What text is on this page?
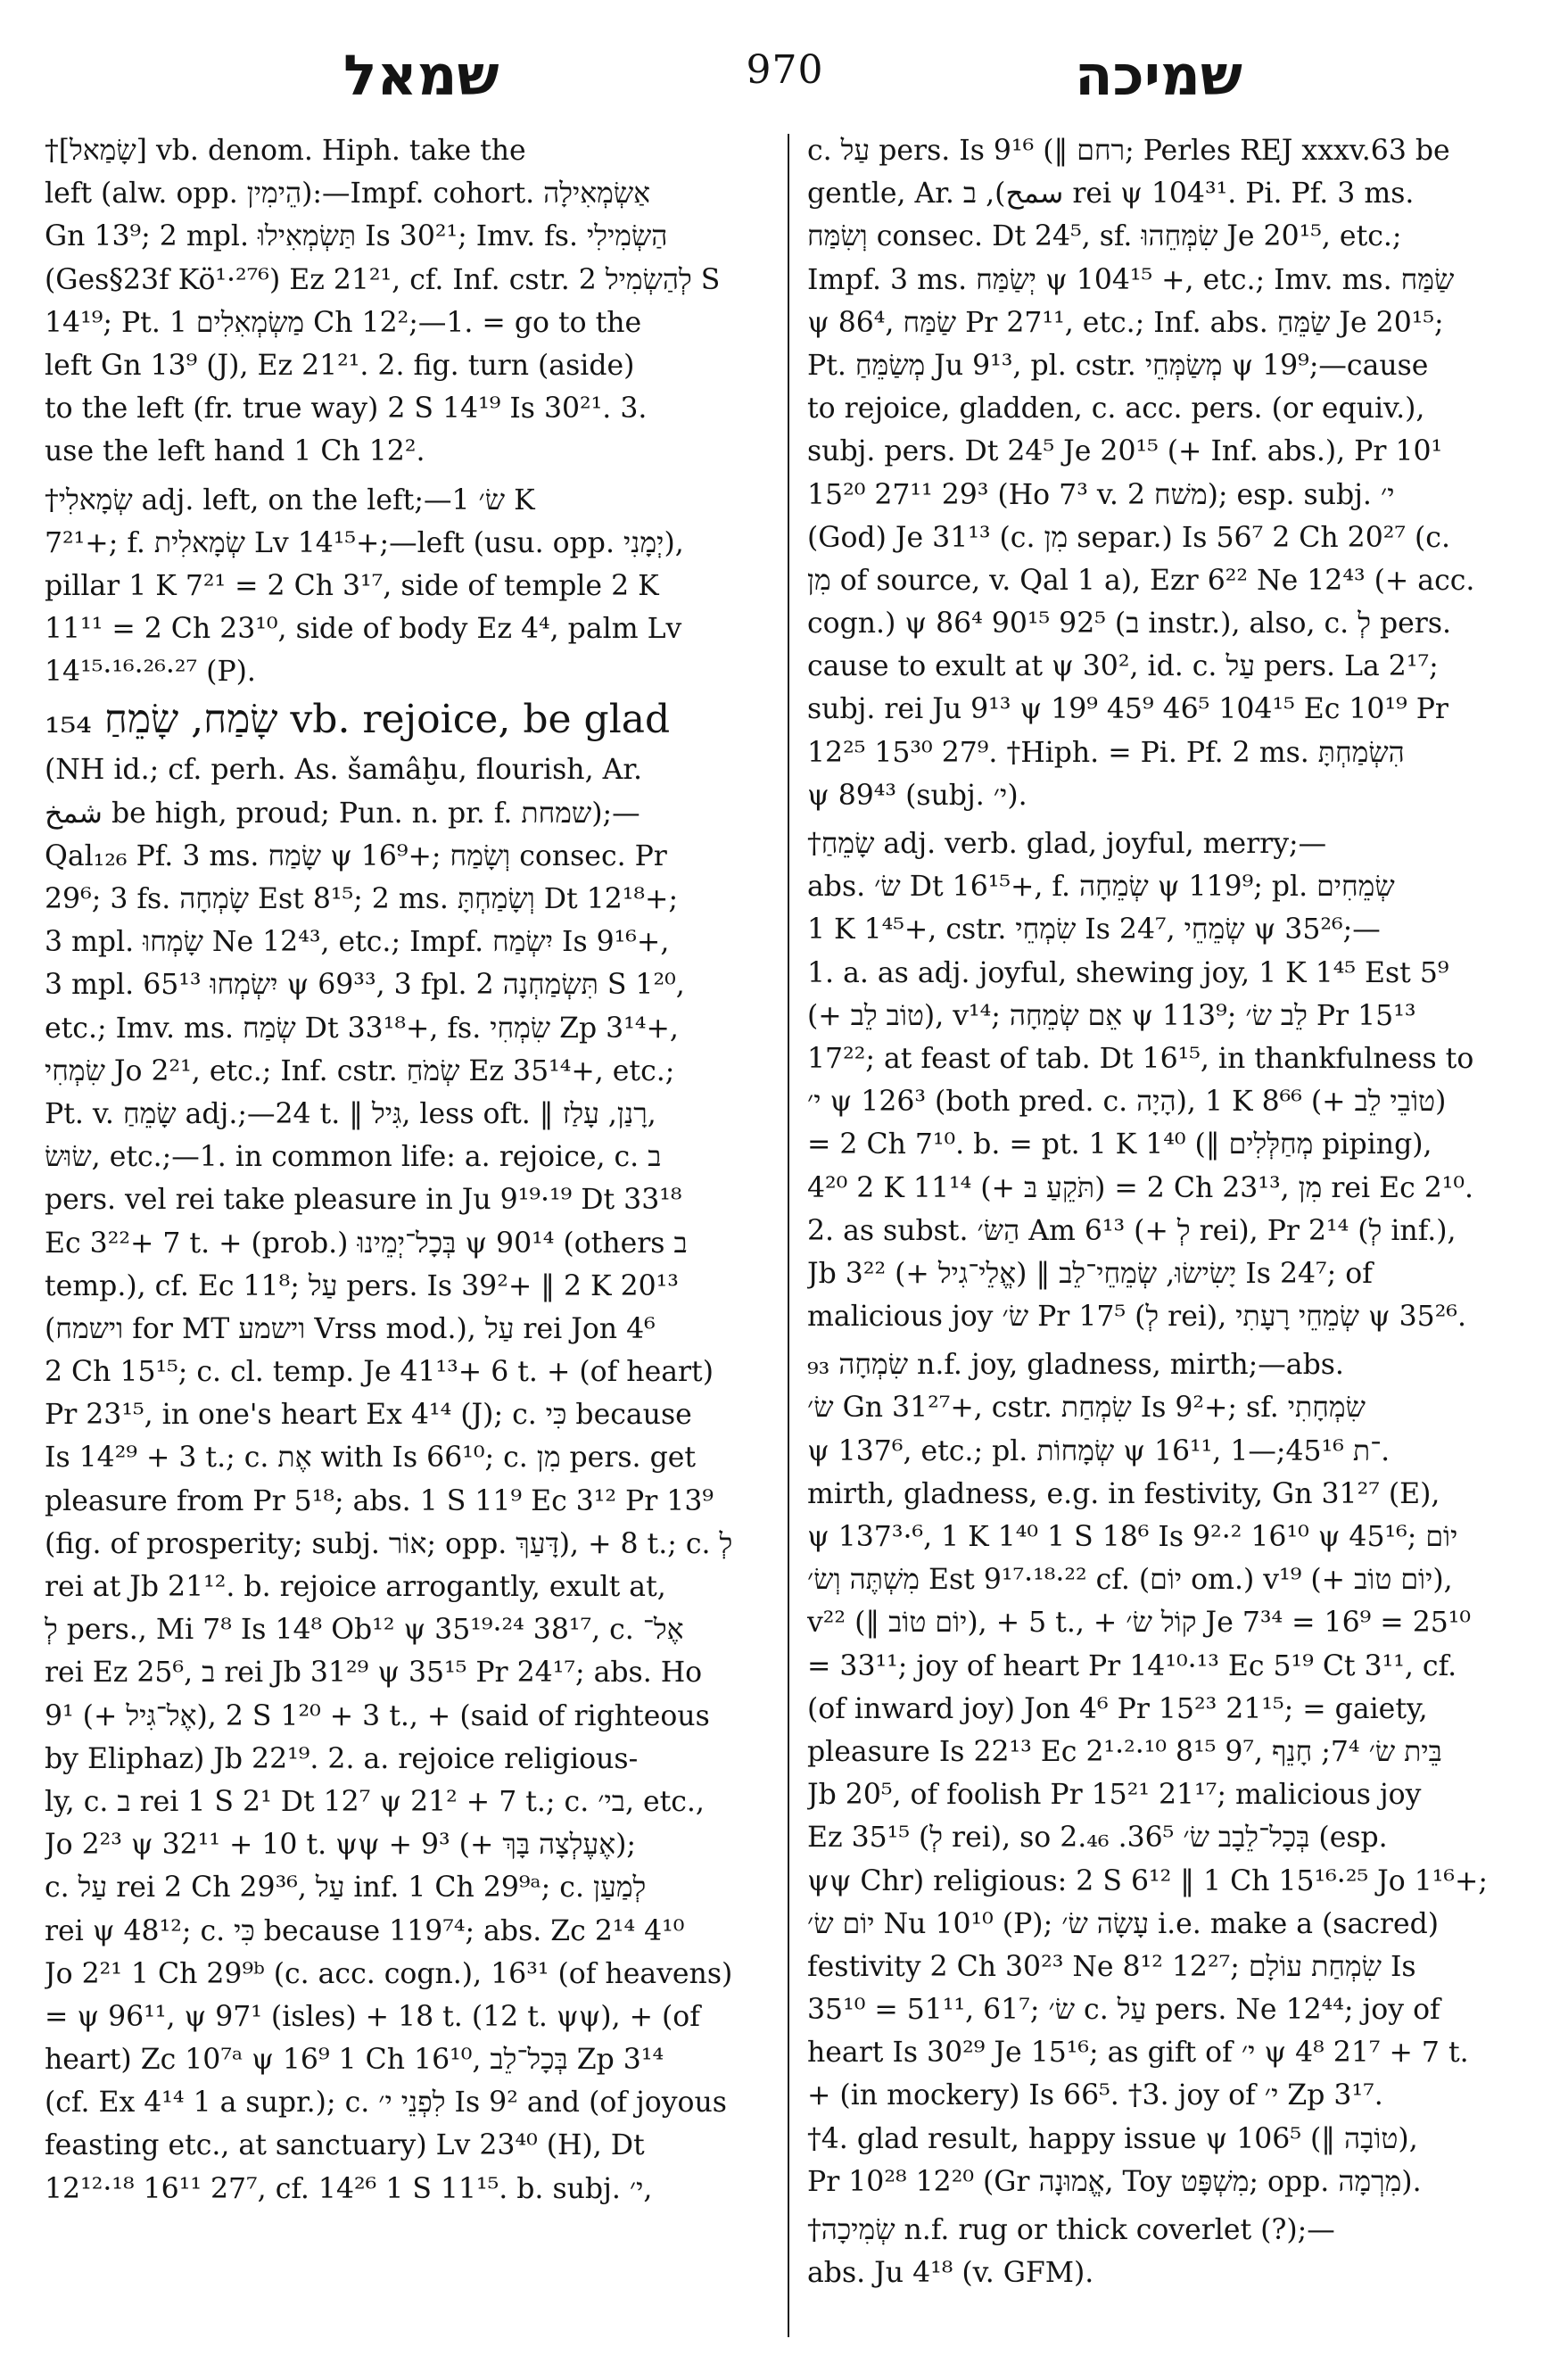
שמאל	970	שמיכה
†[שָׂמַאל] vb. denom. Hiph. take the
left (alw. opp. הֵימִין):—Impf. cohort. אַשְׂמְאִילָה
Gn 13⁹; 2 mpl. תַּשְׂמְאִילוּ Is 30²¹; Imv. fs. הַשְׂמִילִי
(Ges§23f Kö¹·²⁷⁶) Ez 21²¹, cf. Inf. cstr. לְהַשְׂמִיל 2 S
14¹⁹; Pt. מַשְׂמְאִלִים 1 Ch 12²;—1. = go to the
left Gn 13⁹ (J), Ez 21²¹. 2. fig. turn (aside)
to the left (fr. true way) 2 S 14¹⁹ Is 30²¹. 3.
use the left hand 1 Ch 12².
†שְׂמָאלִי adj. left, on the left;—שׂ׳ 1 K
7²¹+; f. שְׂמָאלִית Lv 14¹⁵+;—left (usu. opp. יְמָנִי),
pillar 1 K 7²¹ = 2 Ch 3¹⁷, side of temple 2 K
11¹¹ = 2 Ch 23¹⁰, side of body Ez 4⁴, palm Lv
14¹⁵·¹⁶·²⁶·²⁷ (P).
שָׂמַח, שָׂמֵחַ ₁₅₄ vb. rejoice, be glad
(NH id.; cf. perh. As. šamâḫu, flourish, Ar.
شمخ be high, proud; Pun. n. pr. f. שמחת);—
Qal₁₂₆ Pf. 3 ms. שָׂמַח ψ 16⁹+; וְשָׂמַח consec. Pr
29⁶; 3 fs. שָׂמְחָה Est 8¹⁵; 2 ms. וְשָׂמַחְתָּ Dt 12¹⁸+;
3 mpl. שָׂמְחוּ Ne 12⁴³, etc.; Impf. יִשְׂמַח Is 9¹⁶+,
3 mpl. יִשְׂמְחוּ 65¹³ ψ 69³³, 3 fpl. תִּשְׂמַחְנָה 2 S 1²⁰,
etc.; Imv. ms. שְׂמַח Dt 33¹⁸+, fs. שִׂמְחִי Zp 3¹⁴+,
שִׂמְחִי Jo 2²¹, etc.; Inf. cstr. שְׂמֹחַ Ez 35¹⁴+, etc.;
Pt. v. שָׂמֵחַ adj.;—24 t. ‖ גִּיל, less oft. ‖ רָנַן, עָלַז,
שׂוּשׂ, etc.;—1. in common life: a. rejoice, c. ב
pers. vel rei take pleasure in Ju 9¹⁹·¹⁹ Dt 33¹⁸
Ec 3²²+ 7 t. + (prob.) בְּכָל־יְמֵינוּ ψ 90¹⁴ (others ב
temp.), cf. Ec 11⁸; עַל pers. Is 39²+ ‖ 2 K 20¹³
(וישמח for MT וישמע Vrss mod.), עַל rei Jon 4⁶
2 Ch 15¹⁵; c. cl. temp. Je 41¹³+ 6 t. + (of heart)
Pr 23¹⁵, in one's heart Ex 4¹⁴ (J); c. כִּי because
Is 14²⁹ + 3 t.; c. אֶת with Is 66¹⁰; c. מִן pers. get
pleasure from Pr 5¹⁸; abs. 1 S 11⁹ Ec 3¹² Pr 13⁹
(fig. of prosperity; subj. אוֹר; opp. דָּעַךְ), + 8 t.; c. לְ
rei at Jb 21¹². b. rejoice arrogantly, exult at,
לְ pers., Mi 7⁸ Is 14⁸ Ob¹² ψ 35¹⁹·²⁴ 38¹⁷, c. אֶל־
rei Ez 25⁶, ב rei Jb 31²⁹ ψ 35¹⁵ Pr 24¹⁷; abs. Ho
9¹ (+ אֶל־גִּיל), 2 S 1²⁰ + 3 t., + (said of righteous
by Eliphaz) Jb 22¹⁹. 2. a. rejoice religious-
ly, c. ב rei 1 S 2¹ Dt 12⁷ ψ 21² + 7 t.; c. בי׳, etc.,
Jo 2²³ ψ 32¹¹ + 10 t. ψψ + 9³ (+ אֶעֶלְצָה בָּךְ);
c. עַל rei 2 Ch 29³⁶, עַל inf. 1 Ch 29⁹ᵃ; c. לְמַעַן
rei ψ 48¹²; c. כִּי because 119⁷⁴; abs. Zc 2¹⁴ 4¹⁰
Jo 2²¹ 1 Ch 29⁹ᵇ (c. acc. cogn.), 16³¹ (of heavens)
= ψ 96¹¹, ψ 97¹ (isles) + 18 t. (12 t. ψψ), + (of
heart) Zc 10⁷ᵃ ψ 16⁹ 1 Ch 16¹⁰, בְּכָל־לֵב Zp 3¹⁴
(cf. Ex 4¹⁴ 1 a supr.); c. לִפְנֵי י׳ Is 9² and (of joyous
feasting etc., at sanctuary) Lv 23⁴⁰ (H), Dt
12¹²·¹⁸ 16¹¹ 27⁷, cf. 14²⁶ 1 S 11¹⁵. b. subj. י׳,
c. עַל pers. Is 9¹⁶ (‖ רחם; Perles REJ xxxv.63 be
gentle, Ar. سمح), ב rei ψ 104³¹. Pi. Pf. 3 ms.
וְשִׂמַּח consec. Dt 24⁵, sf. שִׂמְּחֵהוּ Je 20¹⁵, etc.;
Impf. 3 ms. יְשַׂמַּח ψ 104¹⁵ +, etc.; Imv. ms. שַׂמַּח
ψ 86⁴, שַׂמַּח Pr 27¹¹, etc.; Inf. abs. שַׂמֵּחַ Je 20¹⁵;
Pt. מְשַׂמֵּחַ Ju 9¹³, pl. cstr. מְשַׂמְּחֵי ψ 19⁹;—cause
to rejoice, gladden, c. acc. pers. (or equiv.),
subj. pers. Dt 24⁵ Je 20¹⁵ (+ Inf. abs.), Pr 10¹
15²⁰ 27¹¹ 29³ (Ho 7³ v. משׁח 2); esp. subj. י׳
(God) Je 31¹³ (c. מִן separ.) Is 56⁷ 2 Ch 20²⁷ (c.
מִן of source, v. Qal 1 a), Ezr 6²² Ne 12⁴³ (+ acc.
cogn.) ψ 86⁴ 90¹⁵ 92⁵ (ב instr.), also, c. לְ pers.
cause to exult at ψ 30², id. c. עַל pers. La 2¹⁷;
subj. rei Ju 9¹³ ψ 19⁹ 45⁹ 46⁵ 104¹⁵ Ec 10¹⁹ Pr
12²⁵ 15³⁰ 27⁹. †Hiph. = Pi. Pf. 2 ms. הִשְׂמַחְתָּ
ψ 89⁴³ (subj. י׳).
†שָׂמֵחַ adj. verb. glad, joyful, merry;—
abs. שׂ׳ Dt 16¹⁵+, f. שְׂמֵחָה ψ 119⁹; pl. שְׂמֵחִים
1 K 1⁴⁵+, cstr. שִׂמְחֵי Is 24⁷, שְׂמֵחֵי ψ 35²⁶;—
1. a. as adj. joyful, shewing joy, 1 K 1⁴⁵ Est 5⁹
(+ טוֹב לֵב), v¹⁴; אֵם שְׂמֵחָה ψ 113⁹; לֵב שׂ׳ Pr 15¹³
17²²; at feast of tab. Dt 16¹⁵, in thankfulness to
י׳ ψ 126³ (both pred. c. הָיָה), 1 K 8⁶⁶ (+ טוֹבֵי לֵב)
= 2 Ch 7¹⁰. b. = pt. 1 K 1⁴⁰ (‖ מְחַלְּלִים piping),
4²⁰ 2 K 11¹⁴ (+ תֹּקֵעַ בּ) = 2 Ch 23¹³, מִן rei Ec 2¹⁰.
2. as subst. הַשּׂ׳ Am 6¹³ (+ לְ rei), Pr 2¹⁴ (לְ inf.),
Jb 3²² (+ אֱלֵי־גִיל) ‖ יָשִׂישׂוּ, שְׂמֵחֵי־לֵב Is 24⁷; of
malicious joy שׂ׳ Pr 17⁵ (לְ rei), שְׂמֵחֵי רָעָתִי ψ 35²⁶.
שִׂמְחָה ₉₃ n.f. joy, gladness, mirth;—abs.
שׂ׳ Gn 31²⁷+, cstr. שִׂמְחַת Is 9²+; sf. שִׂמְחָתִי
ψ 137⁶, etc.; pl. שְׂמָחוֹת ψ 16¹¹, ־ת 45¹⁶;—1.
mirth, gladness, e.g. in festivity, Gn 31²⁷ (E),
ψ 137³·⁶, 1 K 1⁴⁰ 1 S 18⁶ Is 9²·² 16¹⁰ ψ 45¹⁶; יוֹם
מִשְׁתֶּה וְשׂ׳ Est 9¹⁷·¹⁸·²² cf. (יוֹם om.) v¹⁹ (+ יוֹם טוֹב),
v²² (‖ יוֹם טוֹב), + 5 t., + קוֹל שׂ׳ Je 7³⁴ = 16⁹ = 25¹⁰
= 33¹¹; joy of heart Pr 14¹⁰·¹³ Ec 5¹⁹ Ct 3¹¹, cf.
(of inward joy) Jon 4⁶ Pr 15²³ 21¹⁵; = gaiety,
pleasure Is 22¹³ Ec 2¹·²·¹⁰ 8¹⁵ 9⁷, בֵּית שׂ׳ 7⁴; חָנֵף
Jb 20⁵, of foolish Pr 15²¹ 21¹⁷; malicious joy
Ez 35¹⁵ (לְ rei), so בְּכָל־לֵבָב שׂ׳ 36⁵. 2.₄₆ (esp.
ψψ Chr) religious: 2 S 6¹² ‖ 1 Ch 15¹⁶·²⁵ Jo 1¹⁶+;
יוֹם שׂ׳ Nu 10¹⁰ (P); עָשָׂה שׂ׳ i.e. make a (sacred)
festivity 2 Ch 30²³ Ne 8¹² 12²⁷; שִׂמְחַת עוֹלָם Is
35¹⁰ = 51¹¹, 61⁷; שׂ׳ c. עַל pers. Ne 12⁴⁴; joy of
heart Is 30²⁹ Je 15¹⁶; as gift of י׳ ψ 4⁸ 21⁷ + 7 t.
+ (in mockery) Is 66⁵. †3. joy of י׳ Zp 3¹⁷.
†4. glad result, happy issue ψ 106⁵ (‖ טוֹבָה),
Pr 10²⁸ 12²⁰ (Gr אֱמוּנָה, Toy מִשְׁפָּט; opp. מִרְמָה).
†שְׂמִיכָה n.f. rug or thick coverlet (?);—
abs. Ju 4¹⁸ (v. GFM).
